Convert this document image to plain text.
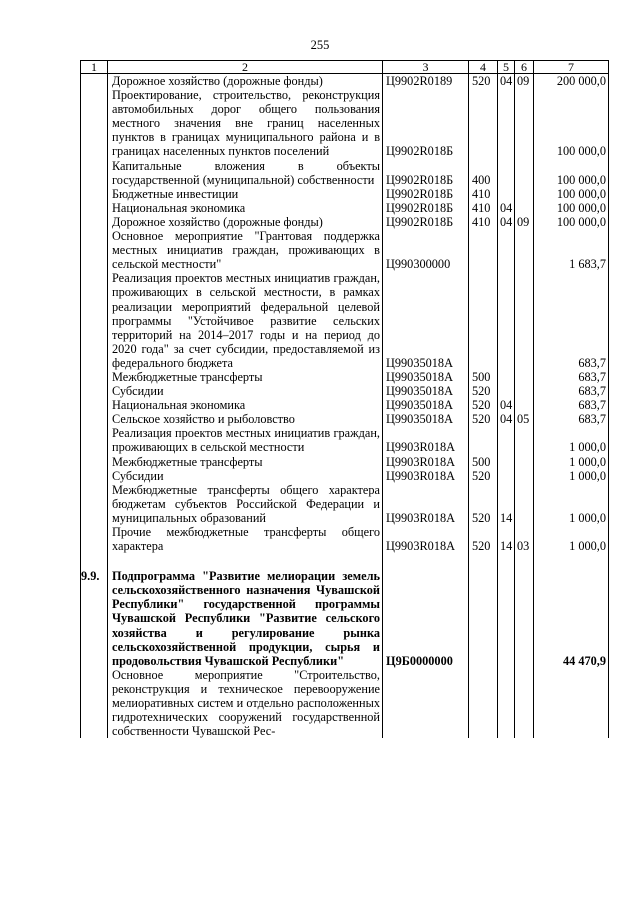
255
1	2	3	4	5	6	7
	Дорожное хозяйство (дорожные фонды)	Ц9902R0189	520	04	09	200 000,0
	Проектирование, строительство, реконструкция автомобильных дорог общего пользования местного значения вне границ населенных пунктов в границах муниципального района и в границах населенных пунктов поселений	Ц9902R018Б				100 000,0
	Капитальные вложения в объекты государственной (муниципальной) собственности	Ц9902R018Б	400			100 000,0
	Бюджетные инвестиции	Ц9902R018Б	410			100 000,0
	Национальная экономика	Ц9902R018Б	410	04		100 000,0
	Дорожное хозяйство (дорожные фонды)	Ц9902R018Б	410	04	09	100 000,0
	Основное мероприятие "Грантовая поддержка местных инициатив граждан, проживающих в сельской местности"	Ц990300000				1 683,7
	Реализация проектов местных инициатив граждан, проживающих в сельской местности, в рамках реализации мероприятий федеральной целевой программы "Устойчивое развитие сельских территорий на 2014–2017 годы и на период до 2020 года" за счет субсидии, предоставляемой из федерального бюджета	Ц99035018А				683,7
	Межбюджетные трансферты	Ц99035018А	500			683,7
	Субсидии	Ц99035018А	520			683,7
	Национальная экономика	Ц99035018А	520	04		683,7
	Сельское хозяйство и рыболовство	Ц99035018А	520	04	05	683,7
	Реализация проектов местных инициатив граждан, проживающих в сельской местности	Ц9903R018А				1 000,0
	Межбюджетные трансферты	Ц9903R018А	500			1 000,0
	Субсидии	Ц9903R018А	520			1 000,0
	Межбюджетные трансферты общего характера бюджетам субъектов Российской Федерации и муниципальных образований	Ц9903R018А	520	14		1 000,0
	Прочие межбюджетные трансферты общего характера	Ц9903R018А	520	14	03	1 000,0

9.9.	Подпрограмма "Развитие мелиорации земель сельскохозяйственного назначения Чувашской Республики" государственной программы Чувашской Республики "Развитие сельского хозяйства и регулирование рынка сельскохозяйственной продукции, сырья и продовольствия Чувашской Республики"	Ц9Б0000000				44 470,9
	Основное мероприятие "Строительство, реконструкция и техническое перевооружение мелиоративных систем и отдельно расположенных гидротехнических сооружений государственной собственности Чувашской Рес-					
